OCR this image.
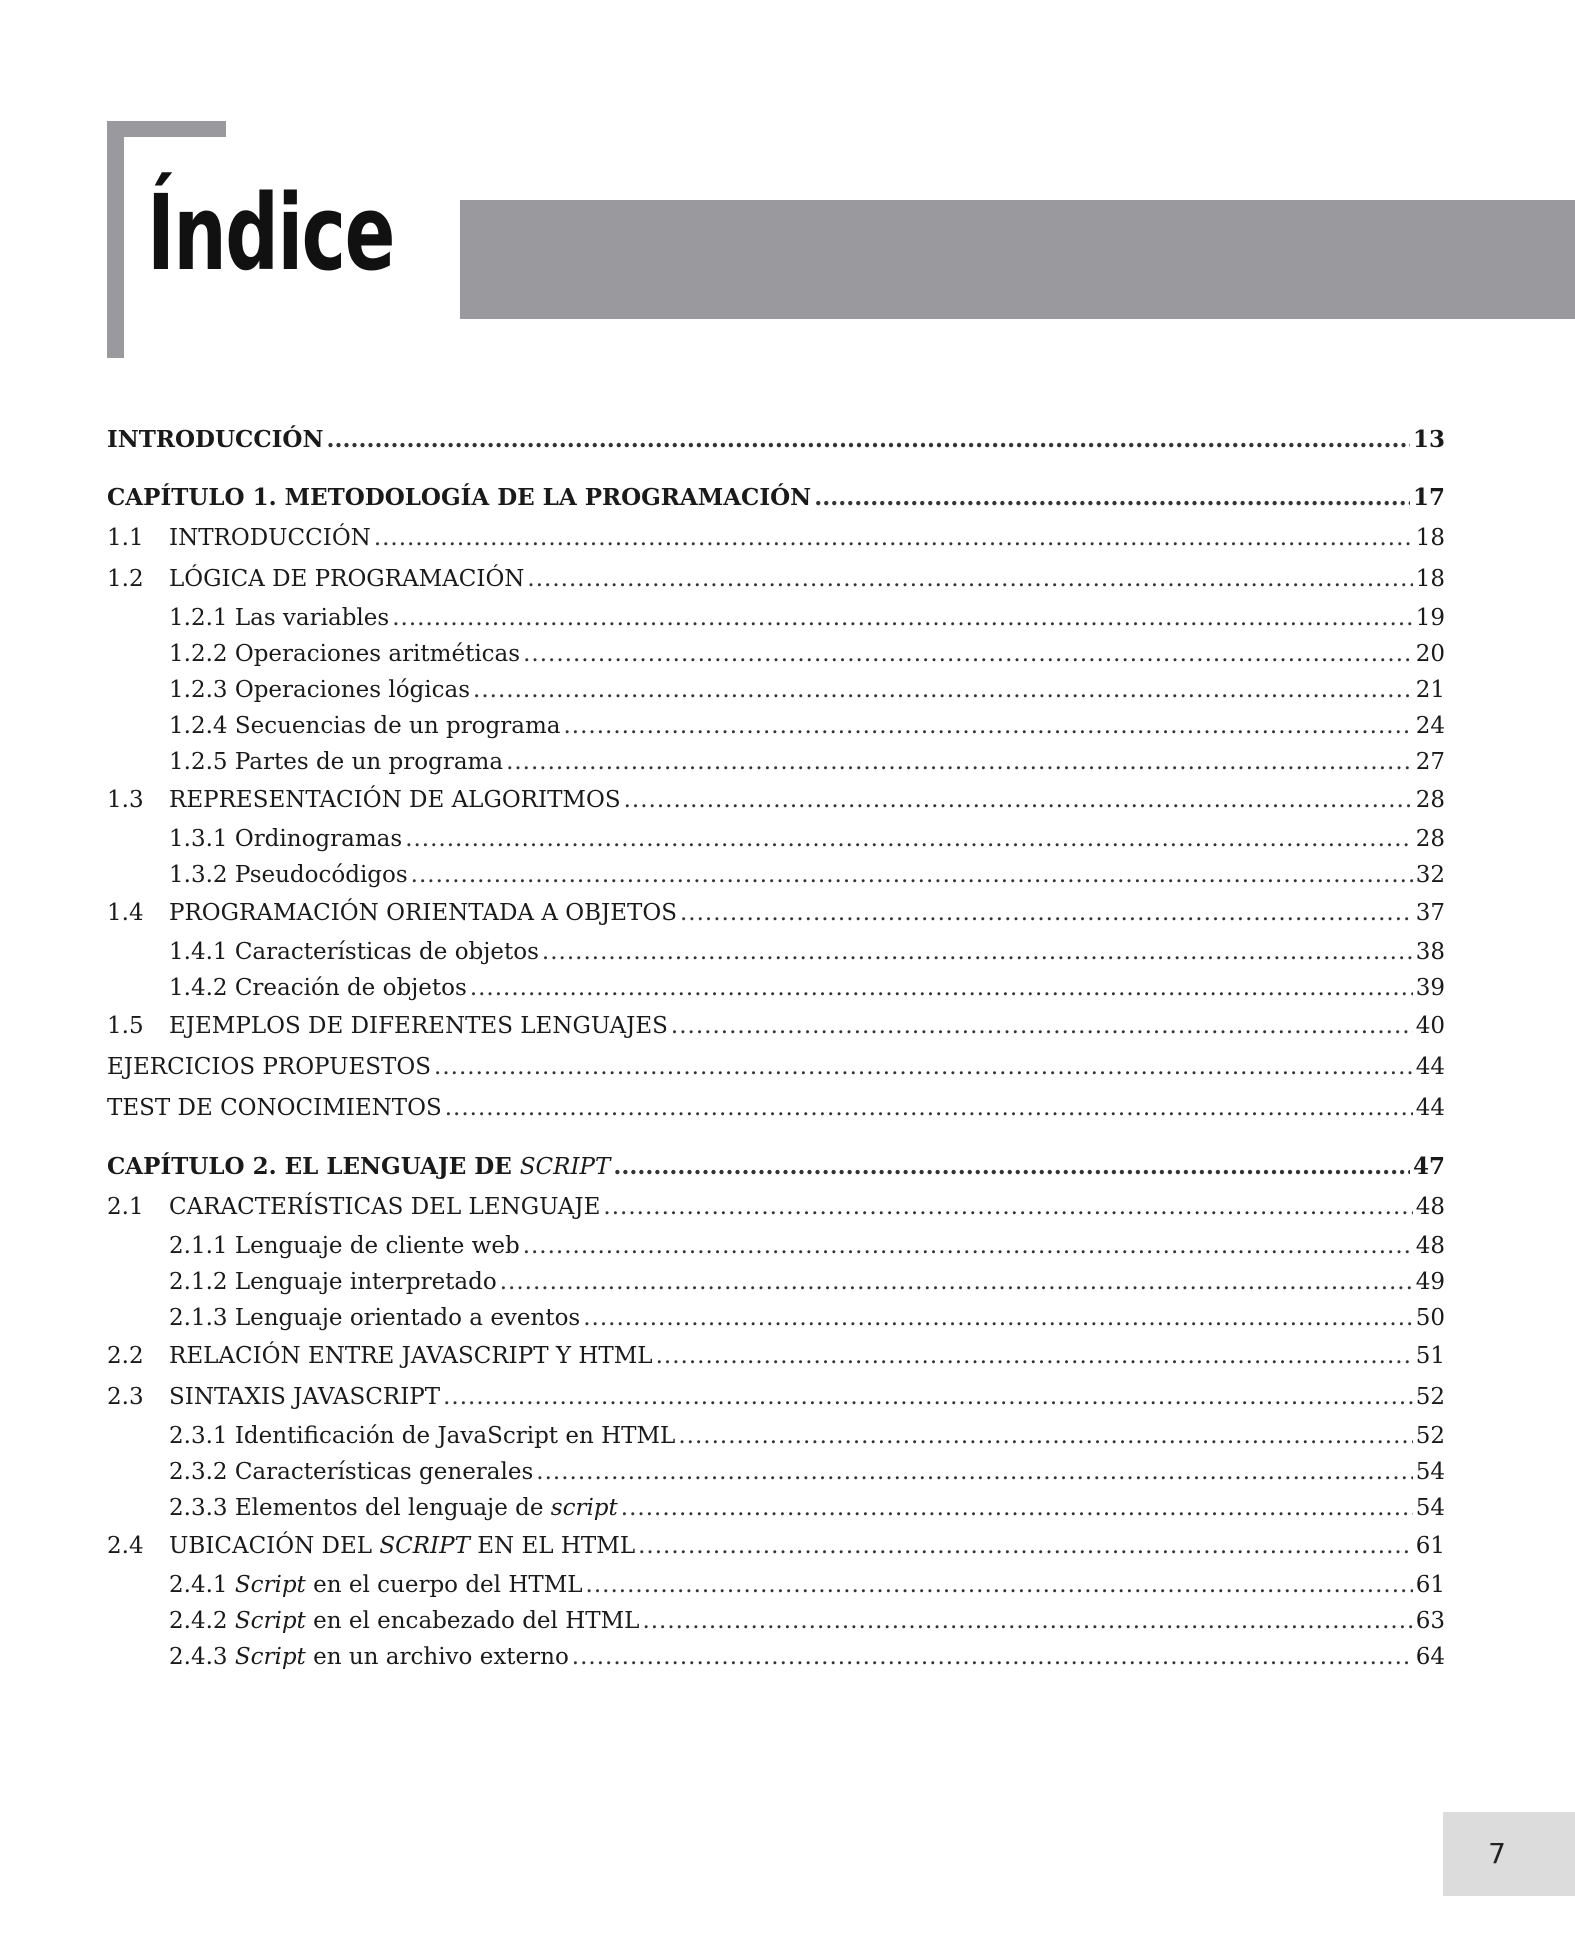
Índice
INTRODUCCIÓN .....	13
CAPÍTULO 1. METODOLOGÍA DE LA PROGRAMACIÓN .....	17
1.1	INTRODUCCIÓN .....	18
1.2	LÓGICA DE PROGRAMACIÓN .....	18
1.2.1 Las variables .....	19
1.2.2 Operaciones aritméticas .....	20
1.2.3 Operaciones lógicas .....	21
1.2.4 Secuencias de un programa .....	24
1.2.5 Partes de un programa .....	27
1.3	REPRESENTACIÓN DE ALGORITMOS .....	28
1.3.1 Ordinogramas .....	28
1.3.2 Pseudocódigos .....	32
1.4	PROGRAMACIÓN ORIENTADA A OBJETOS .....	37
1.4.1 Características de objetos .....	38
1.4.2 Creación de objetos .....	39
1.5	EJEMPLOS DE DIFERENTES LENGUAJES .....	40
EJERCICIOS PROPUESTOS .....	44
TEST DE CONOCIMIENTOS .....	44
CAPÍTULO 2. EL LENGUAJE DE SCRIPT .....	47
2.1	CARACTERÍSTICAS DEL LENGUAJE .....	48
2.1.1 Lenguaje de cliente web .....	48
2.1.2 Lenguaje interpretado .....	49
2.1.3 Lenguaje orientado a eventos .....	50
2.2	RELACIÓN ENTRE JAVASCRIPT Y HTML .....	51
2.3	SINTAXIS JAVASCRIPT .....	52
2.3.1 Identificación de JavaScript en HTML .....	52
2.3.2 Características generales .....	54
2.3.3 Elementos del lenguaje de script .....	54
2.4	UBICACIÓN DEL SCRIPT EN EL HTML .....	61
2.4.1 Script en el cuerpo del HTML .....	61
2.4.2 Script en el encabezado del HTML .....	63
2.4.3 Script en un archivo externo .....	64
7
